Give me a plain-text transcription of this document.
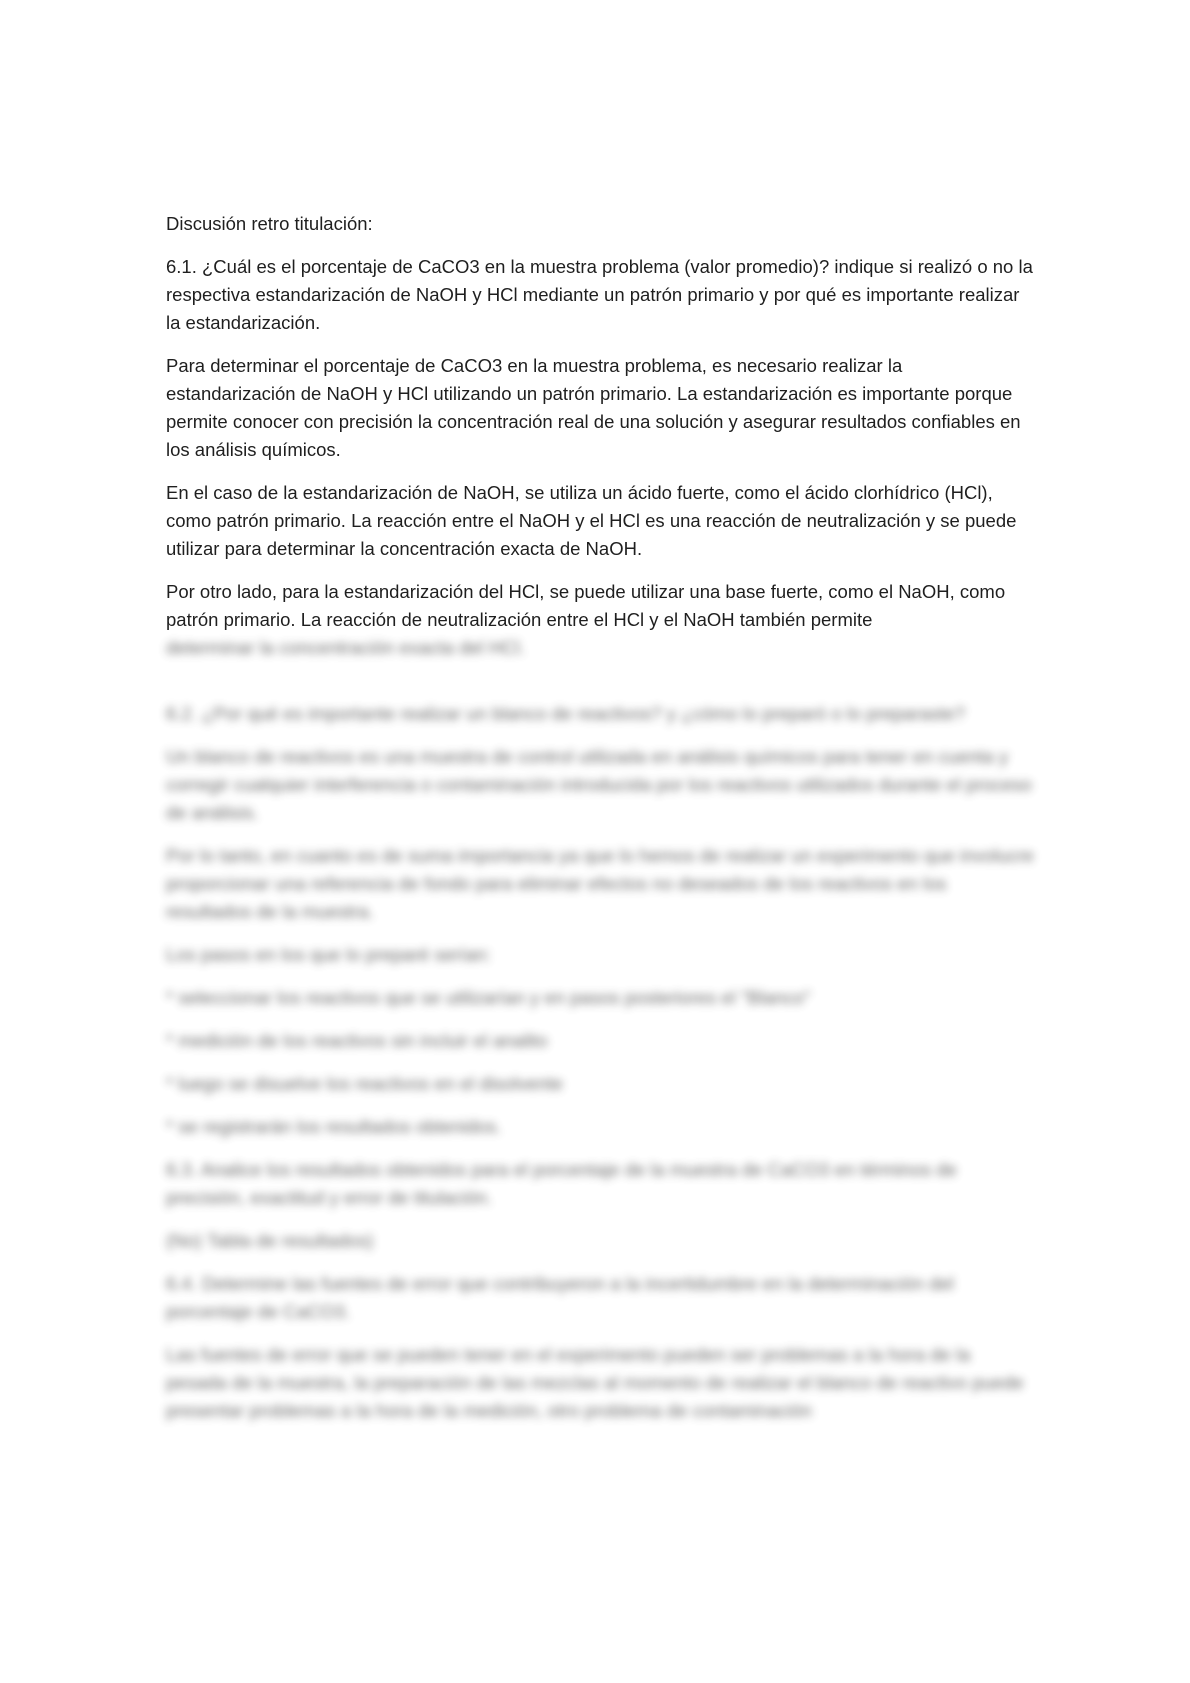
Discusión retro titulación:

6.1. ¿Cuál es el porcentaje de CaCO3 en la muestra problema (valor promedio)? indique si realizó o no la respectiva estandarización de NaOH y HCl mediante un patrón primario y por qué es importante realizar la estandarización.

Para determinar el porcentaje de CaCO3 en la muestra problema, es necesario realizar la estandarización de NaOH y HCl utilizando un patrón primario. La estandarización es importante porque permite conocer con precisión la concentración real de una solución y asegurar resultados confiables en los análisis químicos.

En el caso de la estandarización de NaOH, se utiliza un ácido fuerte, como el ácido clorhídrico (HCl), como patrón primario. La reacción entre el NaOH y el HCl es una reacción de neutralización y se puede utilizar para determinar la concentración exacta de NaOH.

Por otro lado, para la estandarización del HCl, se puede utilizar una base fuerte, como el NaOH, como patrón primario. La reacción de neutralización entre el HCl y el NaOH también permite
determinar la concentración exacta del HCl.

6.2. ¿Por qué es importante realizar un blanco de reactivos? y ¿cómo lo preparó o lo preparaste?

Un blanco de reactivos es una muestra de control utilizada en análisis químicos para tener en cuenta y corregir cualquier interferencia o contaminación introducida por los reactivos utilizados durante el proceso de análisis.

Por lo tanto, en cuanto es de suma importancia ya que lo hemos de realizar un experimento que involucre proporcionar una referencia de fondo para eliminar efectos no deseados de los reactivos en los resultados de la muestra.

Los pasos en los que lo preparé serían:

* seleccionar los reactivos que se utilizarían y en pasos posteriores el "Blanco"

* medición de los reactivos sin incluir el analito

* luego se disuelve los reactivos en el disolvente

* se registrarán los resultados obtenidos.

6.3. Analice los resultados obtenidos para el porcentaje de la muestra de CaCO3 en términos de precisión, exactitud y error de titulación.

(No) Tabla de resultados)

6.4. Determine las fuentes de error que contribuyeron a la incertidumbre en la determinación del porcentaje de CaCO3.

Las fuentes de error que se pueden tener en el experimento pueden ser problemas a la hora de la pesada de la muestra, la preparación de las mezclas al momento de realizar el blanco de reactivo puede presentar problemas a la hora de la medición, otro problema de contaminación
